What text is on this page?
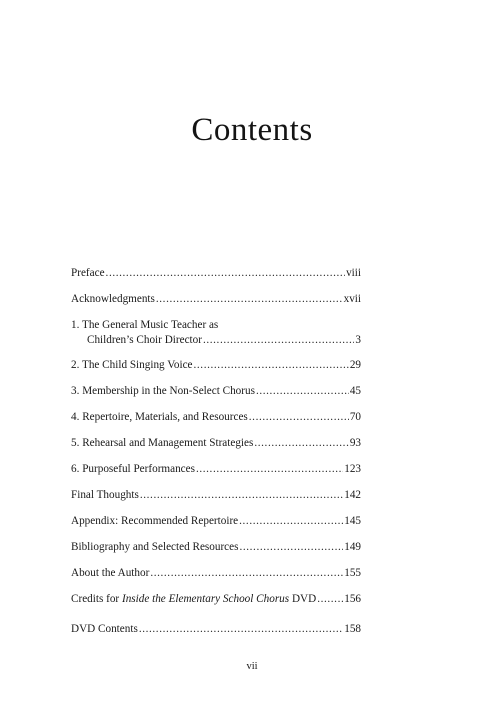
Contents
Preface .....	viii
Acknowledgments .....	xvii
1. The General Music Teacher as
Children’s Choir Director .....	3
2. The Child Singing Voice .....	29
3. Membership in the Non-Select Chorus .....	45
4. Repertoire, Materials, and Resources .....	70
5. Rehearsal and Management Strategies .....	93
6. Purposeful Performances .....	123
Final Thoughts .....	142
Appendix: Recommended Repertoire .....	145
Bibliography and Selected Resources .....	149
About the Author .....	155
Credits for Inside the Elementary School Chorus DVD .....	156
DVD Contents .....	158
vii
